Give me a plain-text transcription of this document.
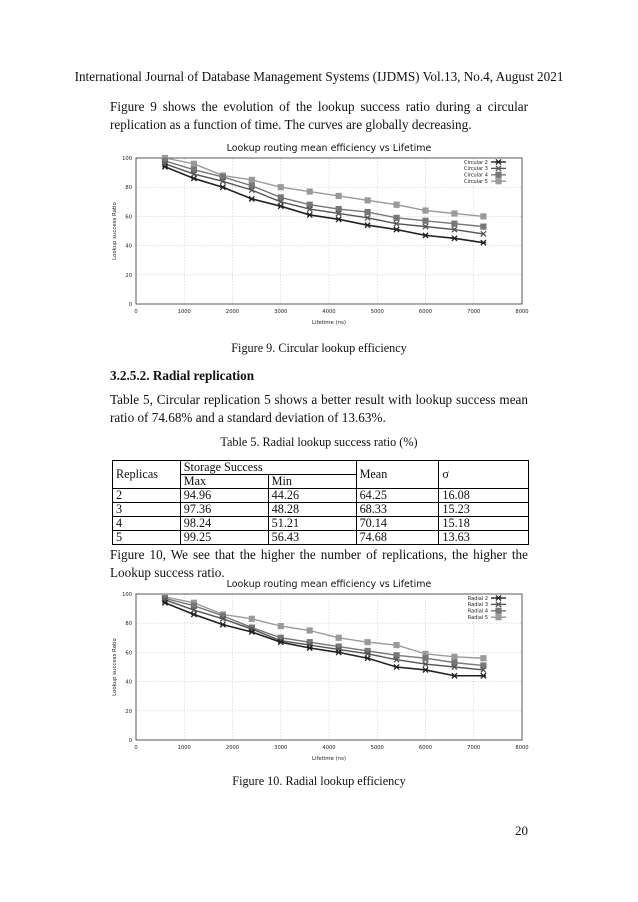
International Journal of Database Management Systems (IJDMS) Vol.13, No.4, August 2021
Figure 9 shows the evolution of the lookup success ratio during a circular replication as a function of time. The curves are globally decreasing.
Lookup routing mean efficiency vs Lifetime
0
20
40
60
80
100
0	1000	2000	3000	4000	5000	6000	7000	8000
Lifetime (ns)
Lookup success Ratio
Circular 2
Circular 3
Circular 4
Circular 5
Figure 9. Circular lookup efficiency
3.2.5.2. Radial replication
Table 5, Circular replication 5 shows a better result with lookup success mean ratio of 74.68% and a standard deviation of 13.63%.
Table 5. Radial lookup success ratio (%)
Replicas	Storage Success		Mean	σ
	Max	Min		
2	94.96	44.26	64.25	16.08
3	97.36	48.28	68.33	15.23
4	98.24	51.21	70.14	15.18
5	99.25	56.43	74.68	13.63
Figure 10, We see that the higher the number of replications, the higher the Lookup success ratio.
Lookup routing mean efficiency vs Lifetime
0
20
40
60
80
100
0	1000	2000	3000	4000	5000	6000	7000	8000
Lifetime (ns)
Lookup success Ratio
Radial 2
Radial 3
Radial 4
Radial 5
Figure 10. Radial lookup efficiency
20
